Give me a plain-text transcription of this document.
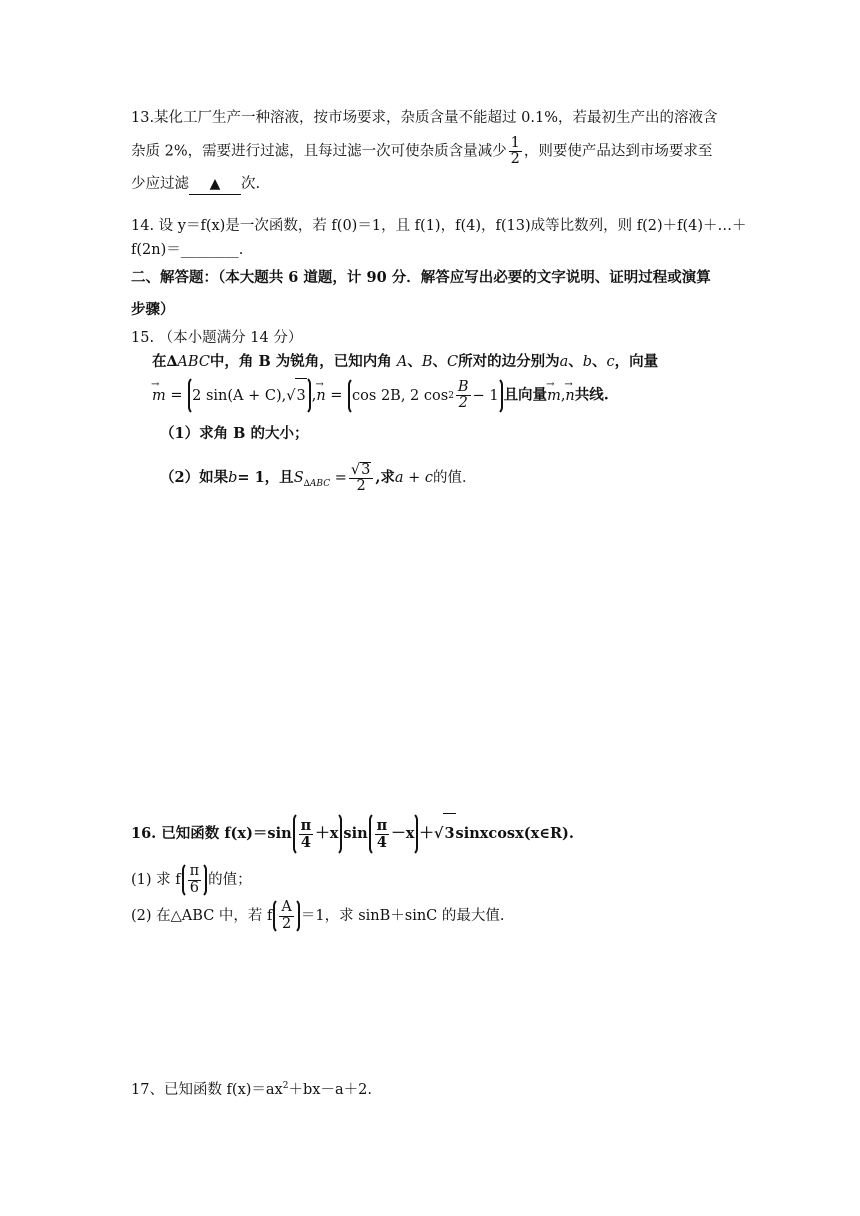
13.某化工厂生产一种溶液，按市场要求，杂质含量不能超过 0.1%，若最初生产出的溶液含
杂质 2%，需要进行过滤，且每过滤一次可使杂质含量减少 $\frac{1}{2}$ ，则要使产品达到市场要求至
少应过滤 ▲ 次.
14. 设 y＝f(x)是一次函数，若 f(0)＝1，且 f(1)，f(4)，f(13)成等比数列，则 f(2)＋f(4)＋…＋
f(2n)＝________.
二、解答题：（本大题共 6 道题，计 90 分．解答应写出必要的文字说明、证明过程或演算
步骤）
15. （本小题满分 14 分）
在∆ABC中，角 B 为锐角，已知内角 A、B、C所对的边分别为a、b、c，向量
→ m = 2 sin(A + C), √ 3 ,→ n = cos 2B, 2 $\cos 2 \frac{B}{2} - 1$ 且向量→ m,→ n共线.
（1）求角 B 的大小；
（2）如果b= 1，且$S_{\Delta ABC} = \frac{√3}{2}$ ,求a + c的值．
16. 已知函数 $f(x)=\sin \frac{\pi}{4} +x$ $\sin \frac{\pi}{4} -x$ ＋√3sinxcosx(x∈R).
(1) 求 f $\frac{\pi}{6}$ 的值；
(2) 在△ABC 中，若 f $\frac{A}{2} =1$，求 sinB＋sinC 的最大值.
17、已知函数 $f(x)=ax^2+bx-a+2$.
